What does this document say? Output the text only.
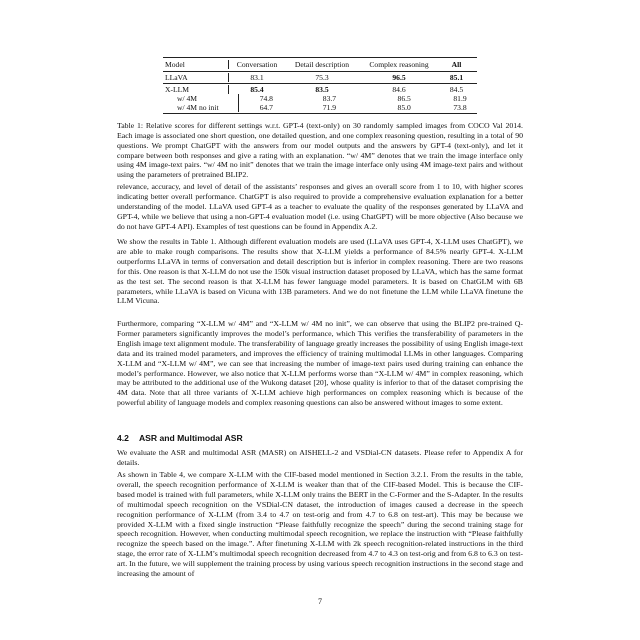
Model	Conversation	Detail description	Complex reasoning	All
LLaVA	83.1	75.3	96.5	85.1
X-LLM	85.4	83.5	84.6	84.5
w/ 4M	74.8	83.7	86.5	81.9
w/ 4M no init	64.7	71.9	85.0	73.8

Table 1: Relative scores for different settings w.r.t. GPT-4 (text-only) on 30 randomly sampled images from COCO Val 2014. Each image is associated one short question, one detailed question, and one complex reasoning question, resulting in a total of 90 questions. We prompt ChatGPT with the answers from our model outputs and the answers by GPT-4 (text-only), and let it compare between both responses and give a rating with an explanation. “w/ 4M” denotes that we train the image interface only using 4M image-text pairs. “w/ 4M no init” denotes that we train the image interface only using 4M image-text pairs and without using the parameters of pretrained BLIP2.

relevance, accuracy, and level of detail of the assistants’ responses and gives an overall score from 1 to 10, with higher scores indicating better overall performance. ChatGPT is also required to provide a comprehensive evaluation explanation for a better understanding of the model. LLaVA used GPT-4 as a teacher to evaluate the quality of the responses generated by LLaVA and GPT-4, while we believe that using a non-GPT-4 evaluation model (i.e. using ChatGPT) will be more objective (Also because we do not have GPT-4 API). Examples of test questions can be found in Appendix A.2.

We show the results in Table 1. Although different evaluation models are used (LLaVA uses GPT-4, X-LLM uses ChatGPT), we are able to make rough comparisons. The results show that X-LLM yields a performance of 84.5% nearly GPT-4. X-LLM outperforms LLaVA in terms of conversation and detail description but is inferior in complex reasoning. There are two reasons for this. One reason is that X-LLM do not use the 150k visual instruction dataset proposed by LLaVA, which has the same format as the test set. The second reason is that X-LLM has fewer language model parameters. It is based on ChatGLM with 6B parameters, while LLaVA is based on Vicuna with 13B parameters. And we do not finetune the LLM while LLaVA finetune the LLM Vicuna.

Furthermore, comparing “X-LLM w/ 4M” and “X-LLM w/ 4M no init”, we can observe that using the BLIP2 pre-trained Q-Former parameters significantly improves the model’s performance, which This verifies the transferability of parameters in the English image text alignment module. The transferability of language greatly increases the possibility of using English image-text data and its trained model parameters, and improves the efficiency of training multimodal LLMs in other languages. Comparing X-LLM and “X-LLM w/ 4M”, we can see that increasing the number of image-text pairs used during training can enhance the model’s performance. However, we also notice that X-LLM performs worse than “X-LLM w/ 4M” in complex reasoning, which may be attributed to the additional use of the Wukong dataset [20], whose quality is inferior to that of the dataset comprising the 4M data. Note that all three variants of X-LLM achieve high performances on complex reasoning which is because of the powerful ability of language models and complex reasoning questions can also be answered without images to some extent.

4.2 ASR and Multimodal ASR

We evaluate the ASR and multimodal ASR (MASR) on AISHELL-2 and VSDial-CN datasets. Please refer to Appendix A for details.

As shown in Table 4, we compare X-LLM with the CIF-based model mentioned in Section 3.2.1. From the results in the table, overall, the speech recognition performance of X-LLM is weaker than that of the CIF-based Model. This is because the CIF-based model is trained with full parameters, while X-LLM only trains the BERT in the C-Former and the S-Adapter. In the results of multimodal speech recognition on the VSDial-CN dataset, the introduction of images caused a decrease in the speech recognition performance of X-LLM (from 3.4 to 4.7 on test-orig and from 4.7 to 6.8 on test-art). This may be because we provided X-LLM with a fixed single instruction “Please faithfully recognize the speech” during the second training stage for speech recognition. However, when conducting multimodal speech recognition, we replace the instruction with “Please faithfully recognize the speech based on the image.”. After finetuning X-LLM with 2k speech recognition-related instructions in the third stage, the error rate of X-LLM’s multimodal speech recognition decreased from 4.7 to 4.3 on test-orig and from 6.8 to 6.3 on test-art. In the future, we will supplement the training process by using various speech recognition instructions in the second stage and increasing the amount of

7
